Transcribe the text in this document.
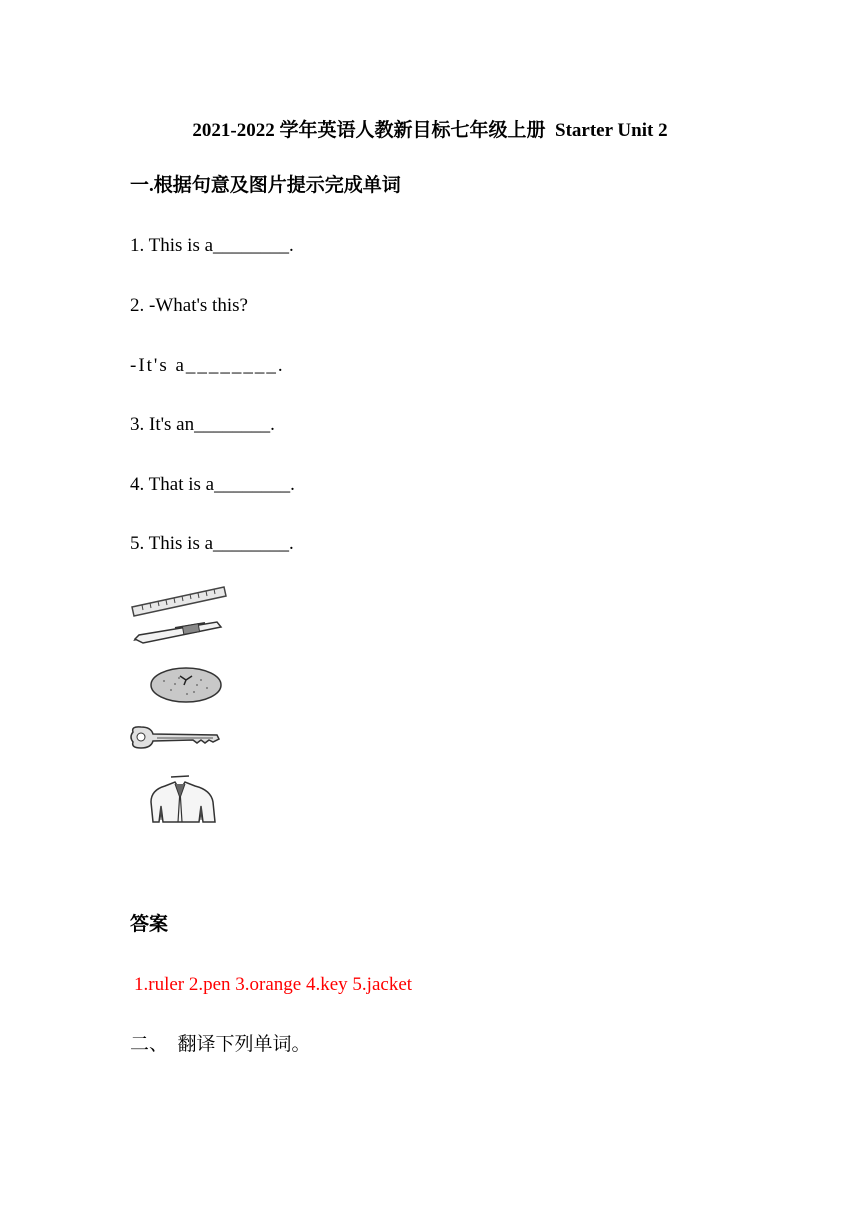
2021-2022 学年英语人教新目标七年级上册  Starter Unit 2
一.根据句意及图片提示完成单词
1. This is a________.
2. -What's this?
-It's a________.
3. It's an________.
4. That is a________.
5. This is a________.
答案
1.ruler 2.pen 3.orange 4.key 5.jacket
二、  翻译下列单词。
